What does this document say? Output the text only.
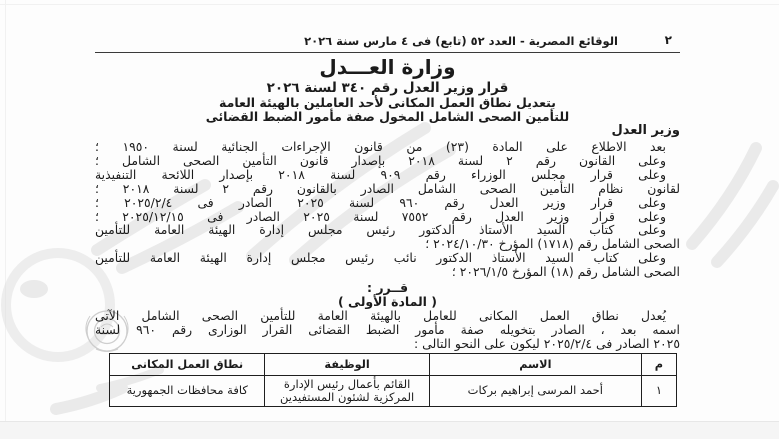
٢
الوقائع المصرية - العدد ٥٢ (تابع) فى ٤ مارس سنة ٢٠٢٦
وزارة العـــدل
قرار وزير العدل رقم ٣٤٠ لسنة ٢٠٢٦
بتعديل نطاق العمل المكانى لأحد العاملين بالهيئة العامة
للتأمين الصحى الشامل المخول صفة مأمور الضبط القضائى
وزير العدل

بعد الاطلاع على المادة (٢٣) من قانون الإجراءات الجنائية لسنة ١٩٥٠ ؛

وعلى القانون رقم ٢ لسنة ٢٠١٨ بإصدار قانون التأمين الصحى الشامل ؛

وعلى قرار مجلس الوزراء رقم ٩٠٩ لسنة ٢٠١٨ بإصدار اللائحة التنفيذية

لقانون نظام التأمين الصحى الشامل الصادر بالقانون رقم ٢ لسنة ٢٠١٨ ؛

وعلى قرار وزير العدل رقم ٩٦٠ لسنة ٢٠٢٥ الصادر فى ٢٠٢٥/٢/٤ ؛

وعلى قرار وزير العدل رقم ٧٥٥٢ لسنة ٢٠٢٥ الصادر فى ٢٠٢٥/١٢/١٥ ؛

وعلى كتاب السيد الأستاذ الدكتور رئيس مجلس إدارة الهيئة العامة للتأمين

الصحى الشامل رقم (١٧١٨) المؤرخ ٢٠٢٤/١٠/٣٠ ؛

وعلى كتاب السيد الأستاذ الدكتور نائب رئيس مجلس إدارة الهيئة العامة للتأمين

الصحى الشامل رقم (١٨) المؤرخ ٢٠٢٦/١/٥ ؛

قــرر :
( المادة الأولى )

يُعدل نطاق العمل المكانى للعامل بالهيئة العامة للتأمين الصحى الشامل الآتى

اسمه بعد ، الصادر بتخويله صفة مأمور الضبط القضائى القرار الوزارى رقم ٩٦٠ لسنة

٢٠٢٥ الصادر فى ٢٠٢٥/٢/٤ ليكون على النحو التالى :

م	الاسم	الوظيفة	نطاق العمل المكانى
١	أحمد المرسى إبراهيم بركات	القائم بأعمال رئيس الإدارة المركزية لشئون المستفيدين	كافة محافظات الجمهورية
